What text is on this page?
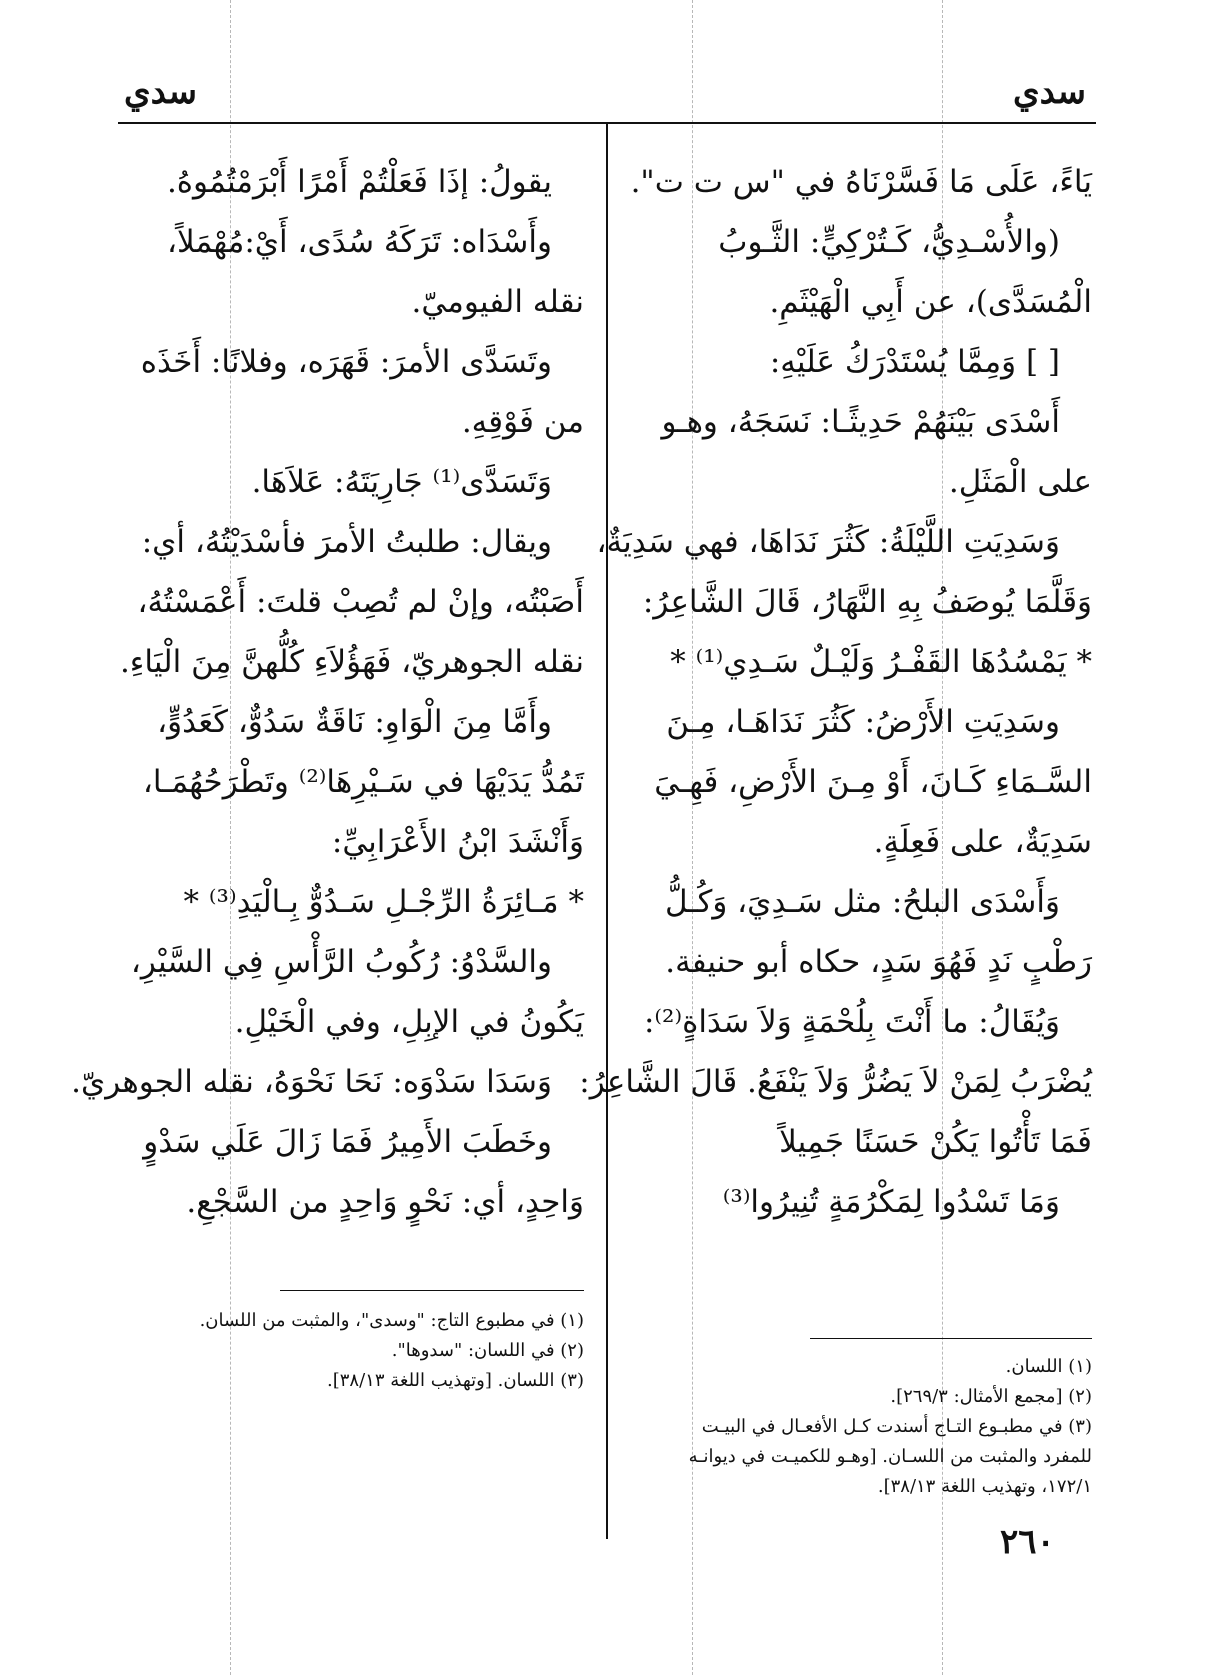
سدي
سدي
يَاءً، عَلَى مَا فَسَّرْنَاهُ في "س ت ت".
(والأُسْـدِيُّ، كَـتُرْكِيٍّ: الثَّـوبُ
الْمُسَدَّى)، عن أَبِي الْهَيْثَمِ.
[ ] وَمِمَّا يُسْتَدْرَكُ عَلَيْهِ:
أَسْدَى بَيْنَهُمْ حَدِيثًـا: نَسَجَهُ، وهـو
على الْمَثَلِ.
وَسَدِيَتِ اللَّيْلَةُ: كَثُرَ نَدَاهَا، فهي سَدِيَةٌ،
وَقَلَّمَا يُوصَفُ بِهِ النَّهَارُ، قَالَ الشَّاعِرُ:
* يَمْسُدُهَا القَفْـرُ وَلَيْـلٌ سَـدِي⁽¹⁾ *
وسَدِيَتِ الأَرْضُ: كَثُرَ نَدَاهَـا، مِـنَ
السَّـمَاءِ كَـانَ، أَوْ مِـنَ الأَرْضِ، فَهِـيَ
سَدِيَةٌ، على فَعِلَةٍ.
وَأَسْدَى البلحُ: مثل سَـدِيَ، وَكُـلُّ
رَطْبٍ نَدٍ فَهُوَ سَدٍ، حكاه أبو حنيفة.
وَيُقَالُ: ما أَنْتَ بِلُحْمَةٍ وَلاَ سَدَاةٍ⁽²⁾:
يُضْرَبُ لِمَنْ لاَ يَضُرُّ وَلاَ يَنْفَعُ. قَالَ الشَّاعِرُ:
فَمَا تَأْتُوا يَكُنْ حَسَنًا جَمِيلاً
وَمَا تَسْدُوا لِمَكْرُمَةٍ تُنِيرُوا⁽³⁾
(١) اللسان.
(٢) [مجمع الأمثال: ٢٦٩/٣].
(٣) في مطبـوع التـاج أسندت كـل الأفعـال في البيـت
للمفرد والمثبت من اللسـان. [وهـو للكميـت في ديوانـه
١٧٢/١، وتهذيب اللغة ٣٨/١٣].
يقولُ: إذَا فَعَلْتُمْ أَمْرًا أَبْرَمْتُمُوهُ.
وأَسْدَاه: تَرَكَهُ سُدًى، أَيْ:مُهْمَلاً،
نقله الفيوميّ.
وتَسَدَّى الأمرَ: قَهَرَه، وفلانًا: أَخَذَه
من فَوْقِهِ.
وَتَسَدَّى⁽¹⁾ جَارِيَتَهُ: عَلاَهَا.
ويقال: طلبتُ الأمرَ فأسْدَيْتُهُ، أي:
أَصَبْتُه، وإنْ لم تُصِبْ قلتَ: أَعْمَسْتُهُ،
نقله الجوهريّ، فَهَؤُلاَءِ كُلُّهنَّ مِنَ الْيَاءِ.
وأَمَّا مِنَ الْوَاوِ: نَاقَةٌ سَدُوٌّ، كَعَدُوٍّ،
تَمُدُّ يَدَيْهَا في سَـيْرِهَا⁽²⁾ وتَطْرَحُهُمَـا،
وَأَنْشَدَ ابْنُ الأَعْرَابِيِّ:
* مَـائِرَةُ الرِّجْـلِ سَـدُوٌّ بِـالْيَدِ⁽³⁾ *
والسَّدْوُ: رُكُوبُ الرَّأْسِ فِي السَّيْرِ،
يَكُونُ في الإبِلِ، وفي الْخَيْلِ.
وَسَدَا سَدْوَه: نَحَا نَحْوَهُ، نقله الجوهريّ.
وخَطَبَ الأَمِيرُ فَمَا زَالَ عَلَي سَدْوٍ
وَاحِدٍ، أي: نَحْوٍ وَاحِدٍ من السَّجْعِ.
(١) في مطبوع التاج: "وسدى"، والمثبت من اللسان.
(٢) في اللسان: "سدوها".
(٣) اللسان. [وتهذيب اللغة ٣٨/١٣].
٢٦٠
